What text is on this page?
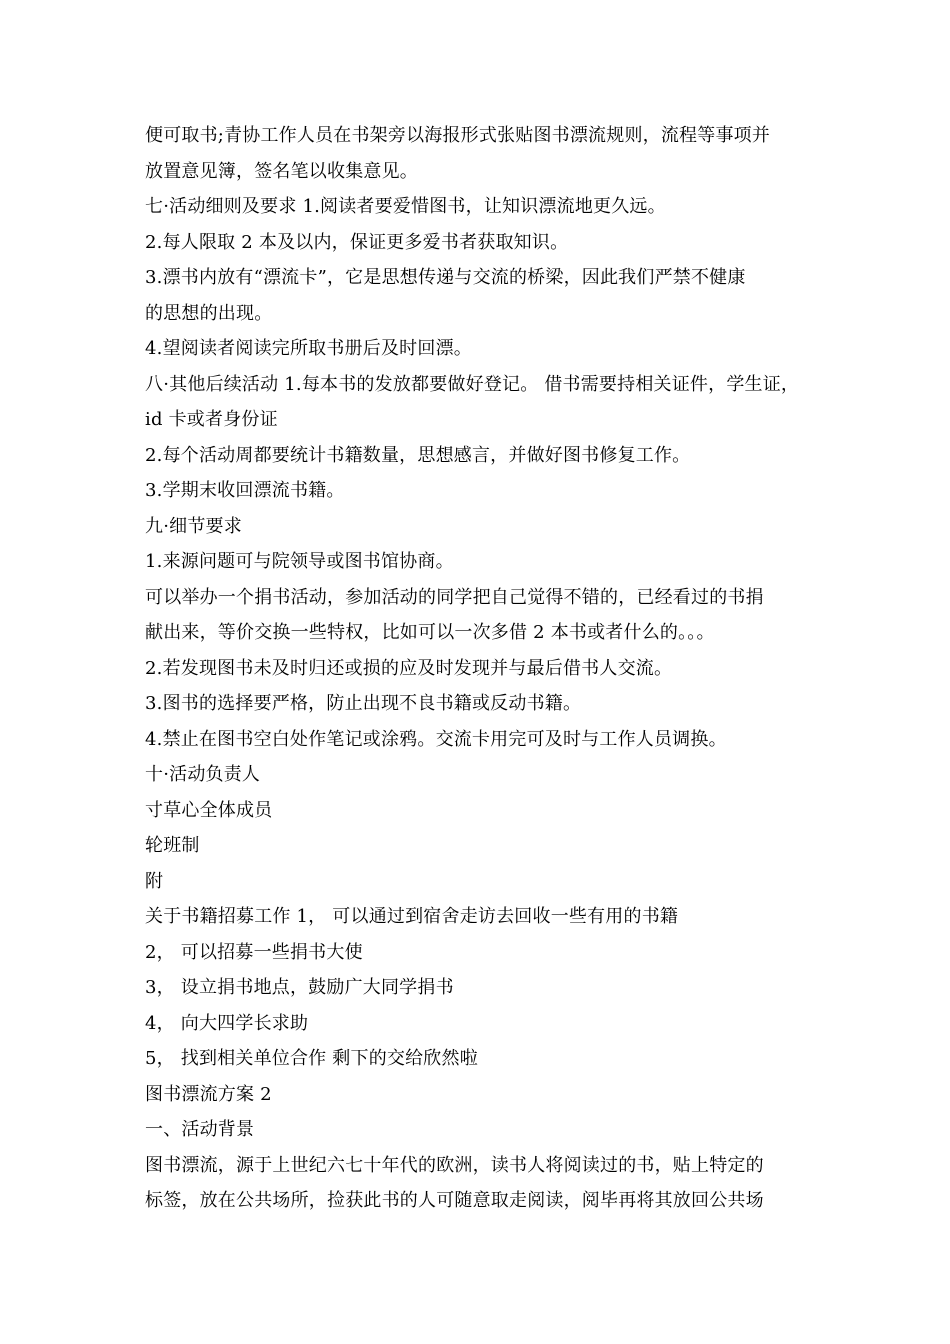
便可取书;青协工作人员在书架旁以海报形式张贴图书漂流规则，流程等事项并
放置意见簿，签名笔以收集意见。
七·活动细则及要求 1.阅读者要爱惜图书，让知识漂流地更久远。
2.每人限取 2 本及以内，保证更多爱书者获取知识。
3.漂书内放有“漂流卡”，它是思想传递与交流的桥梁，因此我们严禁不健康
的思想的出现。
4.望阅读者阅读完所取书册后及时回漂。
八·其他后续活动 1.每本书的发放都要做好登记。 借书需要持相关证件，学生证，
id 卡或者身份证
2.每个活动周都要统计书籍数量，思想感言，并做好图书修复工作。
3.学期末收回漂流书籍。
九·细节要求
1.来源问题可与院领导或图书馆协商。
可以举办一个捐书活动，参加活动的同学把自己觉得不错的，已经看过的书捐
献出来，等价交换一些特权，比如可以一次多借 2 本书或者什么的。。。
2.若发现图书未及时归还或损的应及时发现并与最后借书人交流。
3.图书的选择要严格，防止出现不良书籍或反动书籍。
4.禁止在图书空白处作笔记或涂鸦。交流卡用完可及时与工作人员调换。
十·活动负责人
寸草心全体成员
轮班制
附
关于书籍招募工作 1， 可以通过到宿舍走访去回收一些有用的书籍
2， 可以招募一些捐书大使
3， 设立捐书地点，鼓励广大同学捐书
4， 向大四学长求助
5， 找到相关单位合作 剩下的交给欣然啦
图书漂流方案 2
一、活动背景
图书漂流，源于上世纪六七十年代的欧洲，读书人将阅读过的书，贴上特定的
标签，放在公共场所，捡获此书的人可随意取走阅读，阅毕再将其放回公共场
